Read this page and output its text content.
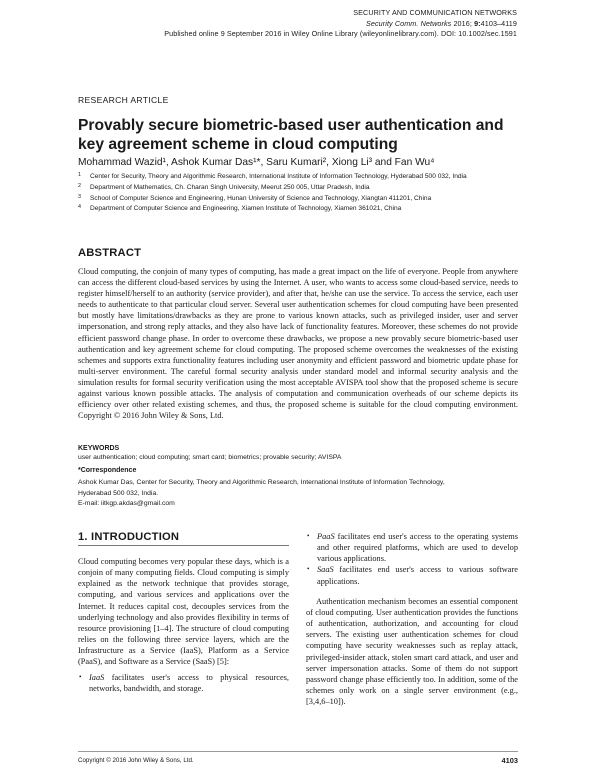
SECURITY AND COMMUNICATION NETWORKS
Security Comm. Networks 2016; 9:4103–4119
Published online 9 September 2016 in Wiley Online Library (wileyonlinelibrary.com). DOI: 10.1002/sec.1591
RESEARCH ARTICLE
Provably secure biometric-based user authentication and key agreement scheme in cloud computing
Mohammad Wazid¹, Ashok Kumar Das¹*, Saru Kumari², Xiong Li³ and Fan Wu⁴
1 Center for Security, Theory and Algorithmic Research, International Institute of Information Technology, Hyderabad 500 032, India
2 Department of Mathematics, Ch. Charan Singh University, Meerut 250 005, Uttar Pradesh, India
3 School of Computer Science and Engineering, Hunan University of Science and Technology, Xiangtan 411201, China
4 Department of Computer Science and Engineering, Xiamen Institute of Technology, Xiamen 361021, China
ABSTRACT

Cloud computing, the conjoin of many types of computing, has made a great impact on the life of everyone. People from anywhere can access the different cloud-based services by using the Internet. A user, who wants to access some cloud-based service, needs to register himself/herself to an authority (service provider), and after that, he/she can use the service. To access the service, each user needs to authenticate to that particular cloud server. Several user authentication schemes for cloud computing have been presented but mostly have limitations/drawbacks as they are prone to various known attacks, such as privileged insider, user and server impersonation, and strong reply attacks, and they also have lack of functionality features. Moreover, these schemes do not provide efficient password change phase. In order to overcome these drawbacks, we propose a new provably secure biometric-based user authentication and key agreement scheme for cloud computing. The proposed scheme overcomes the weaknesses of the existing schemes and supports extra functionality features including user anonymity and efficient password and biometric update phase for multi-server environment. The careful formal security analysis under standard model and informal security analysis and the simulation results for formal security verification using the most acceptable AVISPA tool show that the proposed scheme is secure against various known possible attacks. The analysis of computation and communication overheads of our scheme depicts its efficiency over other related existing schemes, and thus, the proposed scheme is suitable for the cloud computing environment. Copyright © 2016 John Wiley & Sons, Ltd.

KEYWORDS
user authentication; cloud computing; smart card; biometrics; provable security; AVISPA
*Correspondence
Ashok Kumar Das, Center for Security, Theory and Algorithmic Research, International Institute of Information Technology,
Hyderabad 500 032, India.
E-mail: iitkgp.akdas@gmail.com
1. INTRODUCTION

Cloud computing becomes very popular these days, which is a conjoin of many computing fields. Cloud computing is simply explained as the network technique that provides storage, computing, and various services and applications over the Internet. It reduces capital cost, decouples services from the underlying technology and also provides flexibility in terms of resource provisioning [1–4]. The structure of cloud computing relies on the following three service layers, which are the Infrastructure as a Service (IaaS), Platform as a Service (PaaS), and Software as a Service (SaaS) [5]:

• IaaS facilitates user's access to physical resources, networks, bandwidth, and storage.
• PaaS facilitates end user's access to the operating systems and other required platforms, which are used to develop various applications.
• SaaS facilitates end user's access to various software applications.

Authentication mechanism becomes an essential component of cloud computing. User authentication provides the functions of authentication, authorization, and accounting for cloud servers. The existing user authentication schemes for cloud computing have security weaknesses such as replay attack, privileged-insider attack, stolen smart card attack, and user and server impersonation attacks. Some of them do not support password change phase efficiently too. In addition, some of the schemes only work on a single server environment (e.g., [3,4,6–10]).

Copyright © 2016 John Wiley & Sons, Ltd.	4103
